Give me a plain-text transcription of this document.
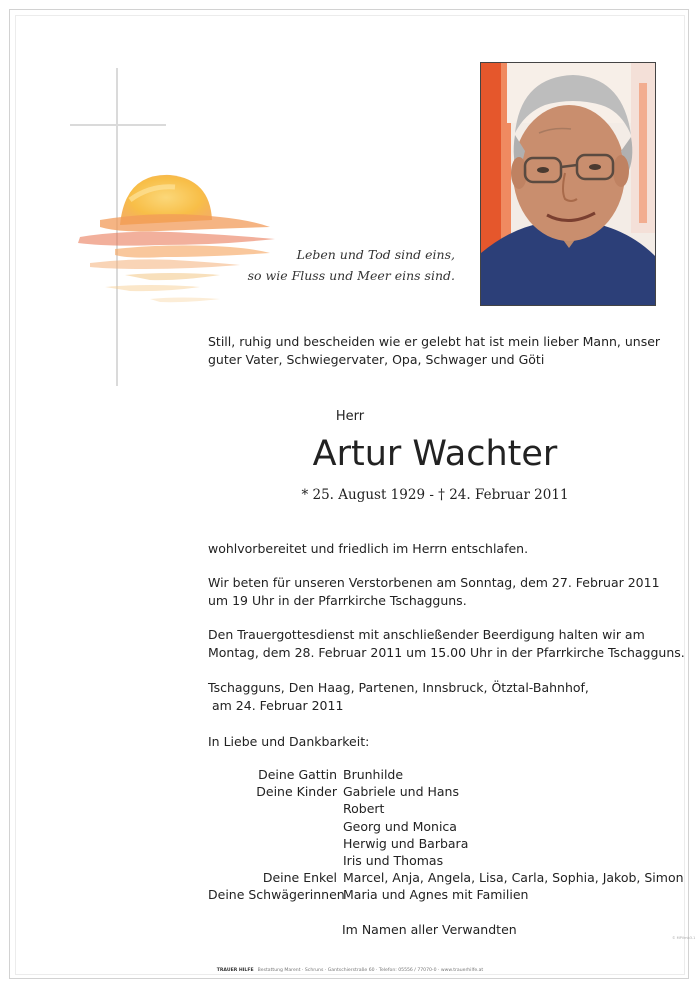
Leben und Tod sind eins,
so wie Fluss und Meer eins sind.
Still, ruhig und bescheiden wie er gelebt hat ist mein lieber Mann, unser
guter Vater, Schwiegervater, Opa, Schwager und Göti
Herr
Artur Wachter
* 25. August 1929 - † 24. Februar 2011
wohlvorbereitet und friedlich im Herrn entschlafen.
Wir beten für unseren Verstorbenen am Sonntag, dem 27. Februar 2011
um 19 Uhr in der Pfarrkirche Tschagguns.
Den Trauergottesdienst mit anschließender Beerdigung halten wir am
Montag, dem 28. Februar 2011 um 15.00 Uhr in der Pfarrkirche Tschagguns.
Tschagguns, Den Haag, Partenen, Innsbruck, Ötztal-Bahnhof,
am 24. Februar 2011
In Liebe und Dankbarkeit:
Deine Gattin Brunhilde
Deine Kinder Gabriele und Hans
Robert
Georg und Monica
Herwig und Barbara
Iris und Thomas
Deine Enkel Marcel, Anja, Angela, Lisa, Carla, Sophia, Jakob, Simon
Deine Schwägerinnen
Maria und Agnes mit Familien
Im Namen aller Verwandten
TRAUER HILFE Bestattung Marent · Schruns · Gantschierstraße 60 · Telefon: 05556 / 77070-0 · www.trauerhilfe.at
© MPVmb3.1
